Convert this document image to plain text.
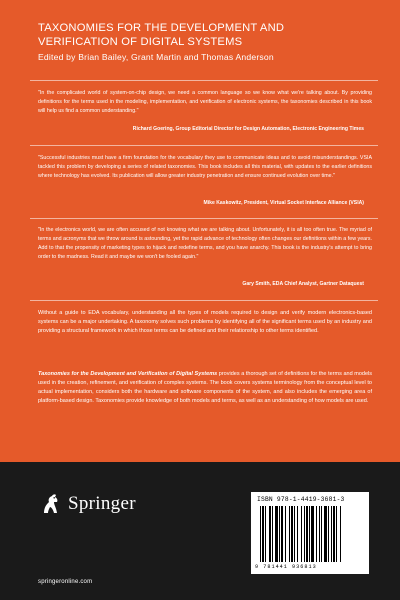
TAXONOMIES FOR THE DEVELOPMENT AND
VERIFICATION OF DIGITAL SYSTEMS
Edited by Brian Bailey, Grant Martin and Thomas Anderson
"In the complicated world of system-on-chip design, we need a common language so we know what we're talking about. By providing definitions for the terms used in the modeling, implementation, and verification of electronic systems, the taxonomies described in this book will help us find a common understanding."
Richard Goering, Group Editorial Director for Design Automation, Electronic Engineering Times
"Successful industries must have a firm foundation for the vocabulary they use to communicate ideas and to avoid misunderstandings. VSIA tackled this problem by developing a series of related taxonomies. This book includes all this material, with updates to the earlier definitions where technology has evolved. Its publication will allow greater industry penetration and ensure continued evolution over time."
Mike Kaskowitz, President, Virtual Socket Interface Alliance (VSIA)
"In the electronics world, we are often accused of not knowing what we are talking about. Unfortunately, it is all too often true. The myriad of terms and acronyms that we throw around is astounding, yet the rapid advance of technology often changes our definitions within a few years. Add to that the propensity of marketing types to hijack and redefine terms, and you have anarchy. This book is the industry's attempt to bring order to the madness. Read it and maybe we won't be fooled again."
Gary Smith, EDA Chief Analyst, Gartner Dataquest
Without a guide to EDA vocabulary, understanding all the types of models required to design and verify modern electronics-based systems can be a major undertaking. A taxonomy solves such problems by identifying all of the significant terms used by an industry and providing a structural framework in which those terms can be defined and their relationship to other terms identified.
Taxonomies for the Development and Verification of Digital Systems provides a thorough set of definitions for the terms and models used in the creation, refinement, and verification of complex systems. The book covers systems terminology from the conceptual level to actual implementation, considers both the hardware and software components of the system, and also includes the emerging area of platform-based design. Taxonomies provide knowledge of both models and terms, as well as an understanding of how models are used.
Springer
springeronline.com
ISBN 978-1-4419-3681-3
9 781441 936813
